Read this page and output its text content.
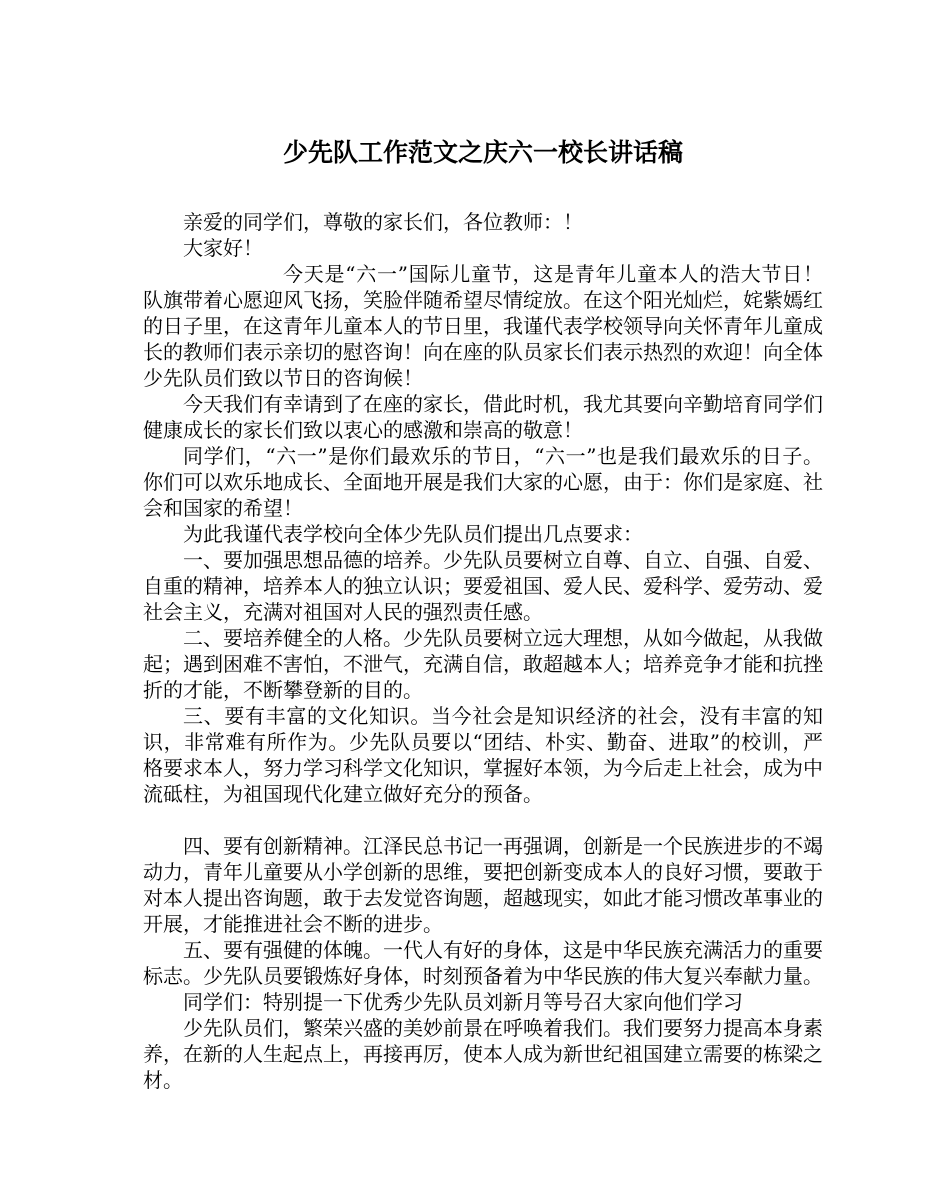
少先队工作范文之庆六一校长讲话稿

亲爱的同学们，尊敬的家长们，各位教师：！

大家好！

今天是“六一”国际儿童节，这是青年儿童本人的浩大节日！队旗带着心愿迎风飞扬，笑脸伴随希望尽情绽放。在这个阳光灿烂，姹紫嫣红的日子里，在这青年儿童本人的节日里，我谨代表学校领导向关怀青年儿童成长的教师们表示亲切的慰咨询！向在座的队员家长们表示热烈的欢迎！向全体少先队员们致以节日的咨询候！

今天我们有幸请到了在座的家长，借此时机，我尤其要向辛勤培育同学们健康成长的家长们致以衷心的感激和崇高的敬意！

同学们，“六一”是你们最欢乐的节日，“六一”也是我们最欢乐的日子。你们可以欢乐地成长、全面地开展是我们大家的心愿，由于：你们是家庭、社会和国家的希望！

为此我谨代表学校向全体少先队员们提出几点要求：

一、要加强思想品德的培养。少先队员要树立自尊、自立、自强、自爱、自重的精神，培养本人的独立认识；要爱祖国、爱人民、爱科学、爱劳动、爱社会主义，充满对祖国对人民的强烈责任感。

二、要培养健全的人格。少先队员要树立远大理想，从如今做起，从我做起；遇到困难不害怕，不泄气，充满自信，敢超越本人；培养竞争才能和抗挫折的才能，不断攀登新的目的。

三、要有丰富的文化知识。当今社会是知识经济的社会，没有丰富的知识，非常难有所作为。少先队员要以“团结、朴实、勤奋、进取”的校训，严格要求本人，努力学习科学文化知识，掌握好本领，为今后走上社会，成为中流砥柱，为祖国现代化建立做好充分的预备。

四、要有创新精神。江泽民总书记一再强调，创新是一个民族进步的不竭动力，青年儿童要从小学创新的思维，要把创新变成本人的良好习惯，要敢于对本人提出咨询题，敢于去发觉咨询题，超越现实，如此才能习惯改革事业的开展，才能推进社会不断的进步。

五、要有强健的体魄。一代人有好的身体，这是中华民族充满活力的重要标志。少先队员要锻炼好身体，时刻预备着为中华民族的伟大复兴奉献力量。

同学们：特别提一下优秀少先队员刘新月等号召大家向他们学习

少先队员们，繁荣兴盛的美妙前景在呼唤着我们。我们要努力提高本身素养，在新的人生起点上，再接再厉，使本人成为新世纪祖国建立需要的栋梁之材。
